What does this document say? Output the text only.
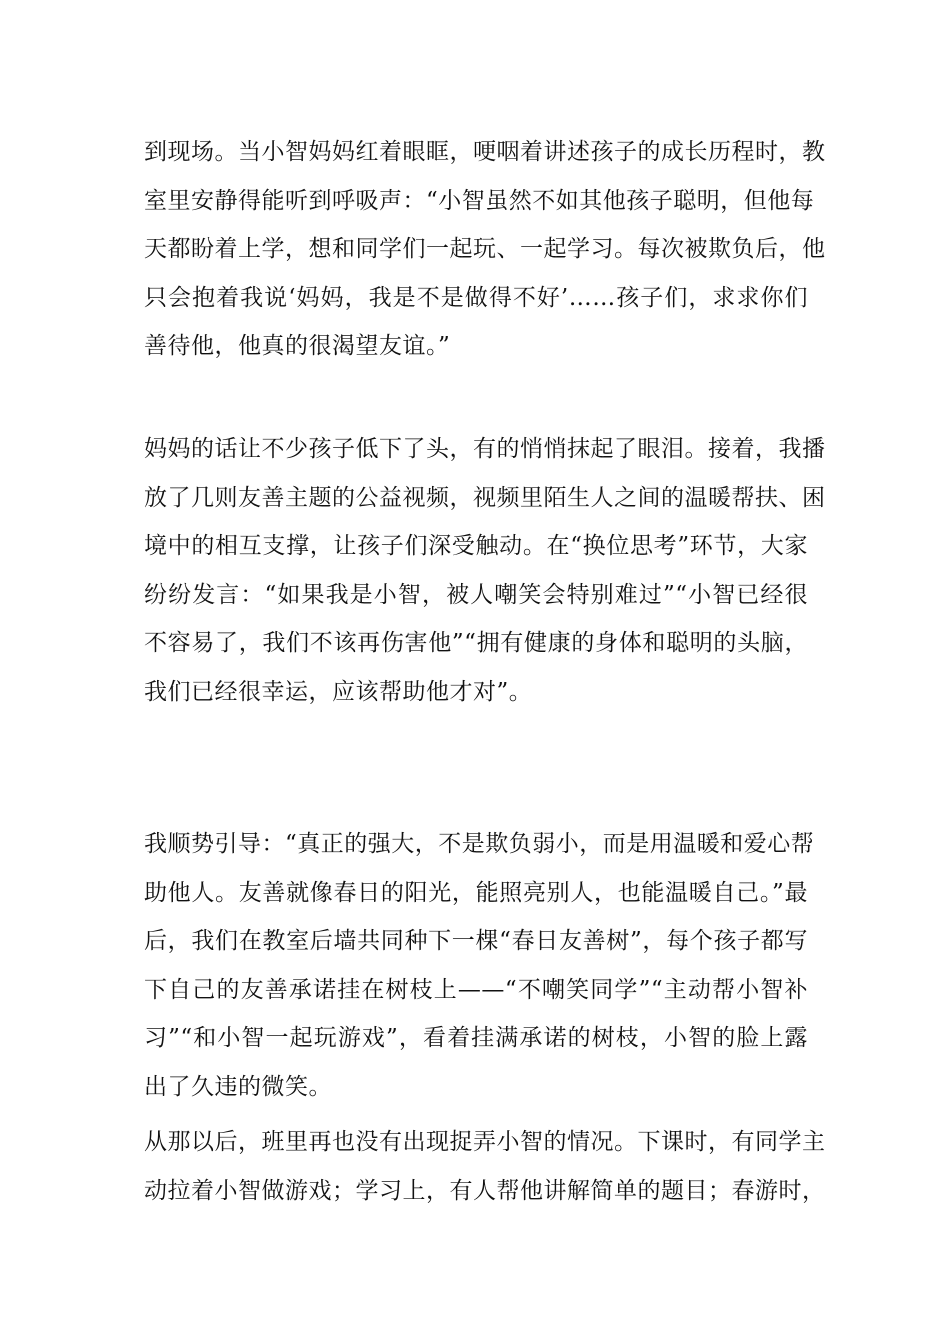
到现场。当小智妈妈红着眼眶，哽咽着讲述孩子的成长历程时，教
室里安静得能听到呼吸声：“小智虽然不如其他孩子聪明，但他每
天都盼着上学，想和同学们一起玩、一起学习。每次被欺负后，他
只会抱着我说‘妈妈，我是不是做得不好’……孩子们，求求你们
善待他，他真的很渴望友谊。”

妈妈的话让不少孩子低下了头，有的悄悄抹起了眼泪。接着，我播
放了几则友善主题的公益视频，视频里陌生人之间的温暖帮扶、困
境中的相互支撑，让孩子们深受触动。在“换位思考”环节，大家
纷纷发言：“如果我是小智，被人嘲笑会特别难过”“小智已经很
不容易了，我们不该再伤害他”“拥有健康的身体和聪明的头脑，
我们已经很幸运，应该帮助他才对”。

我顺势引导：“真正的强大，不是欺负弱小，而是用温暖和爱心帮
助他人。友善就像春日的阳光，能照亮别人，也能温暖自己。”最
后，我们在教室后墙共同种下一棵“春日友善树”，每个孩子都写
下自己的友善承诺挂在树枝上——“不嘲笑同学”“主动帮小智补
习”“和小智一起玩游戏”，看着挂满承诺的树枝，小智的脸上露
出了久违的微笑。

从那以后，班里再也没有出现捉弄小智的情况。下课时，有同学主
动拉着小智做游戏；学习上，有人帮他讲解简单的题目；春游时，
